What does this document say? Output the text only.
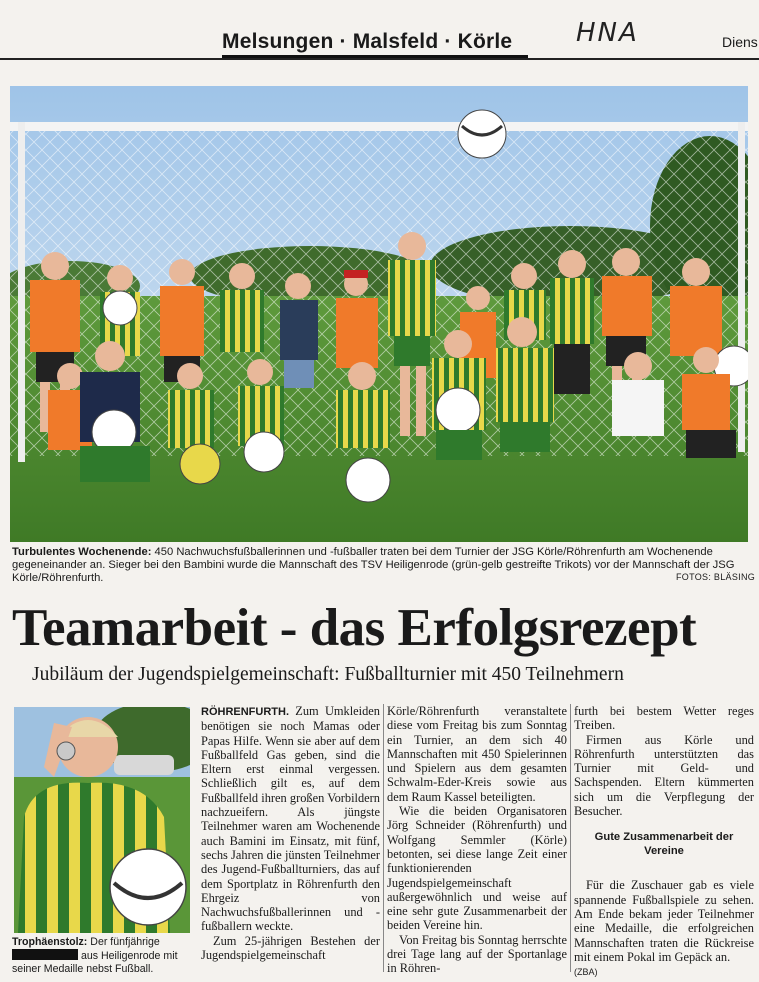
Melsungen · Malsfeld · Körle HNA	Diens
Turbulentes Wochenende: 450 Nachwuchsfußballerinnen und -fußballer traten bei dem Turnier der JSG Körle/Röhrenfurth am Wochenende gegeneinander an. Sieger bei den Bambini wurde die Mannschaft des TSV Heiligenrode (grün-gelb gestreifte Trikots) vor der Mannschaft der JSG Körle/Röhrenfurth.	FOTOS: BLÄSING
Teamarbeit - das Erfolgsrezept
Jubiläum der Jugendspielgemeinschaft: Fußballturnier mit 450 Teilnehmern
Trophäenstolz: Der fünfjährige  aus Heiligenrode mit seiner Medaille nebst Fußball.

RÖHRENFURTH. Zum Umkleiden benötigen sie noch Mamas oder Papas Hilfe. Wenn sie aber auf dem Fußballfeld Gas geben, sind die Eltern erst einmal vergessen. Schließlich gilt es, auf dem Fußballfeld ihren großen Vorbildern nachzueifern. Als jüngste Teilnehmer waren am Wochenende auch Bamini im Einsatz, mit fünf, sechs Jahren die jünsten Teilnehmer des Jugend-Fußballturniers, das auf dem Sportplatz in Röhrenfurth den Ehrgeiz von Nachwuchsfußballerinnen und -fußballern weckte.

Zum 25-jährigen Bestehen der Jugendspielgemeinschaft

Körle/Röhrenfurth veranstaltete diese vom Freitag bis zum Sonntag ein Turnier, an dem sich 40 Mannschaften mit 450 Spielerinnen und Spielern aus dem gesamten Schwalm-Eder-Kreis sowie aus dem Raum Kassel beteiligten.

Wie die beiden Organisatoren Jörg Schneider (Röhrenfurth) und Wolfgang Semmler (Körle) betonten, sei diese lange Zeit einer funktionierenden Jugendspielgemeinschaft außergewöhnlich und weise auf eine sehr gute Zusammenarbeit der beiden Vereine hin.

Von Freitag bis Sonntag herrschte drei Tage lang auf der Sportanlage in Röhren-

furth bei bestem Wetter reges Treiben.

Firmen aus Körle und Röhrenfurth unterstützten das Turnier mit Geld- und Sachspenden. Eltern kümmerten sich um die Verpflegung der Besucher.

Gute Zusammenarbeit der Vereine

Für die Zuschauer gab es viele spannende Fußballspiele zu sehen. Am Ende bekam jeder Teilnehmer eine Medaille, die erfolgreichen Mannschaften traten die Rückreise mit einem Pokal im Gepäck an.

(ZBA)
